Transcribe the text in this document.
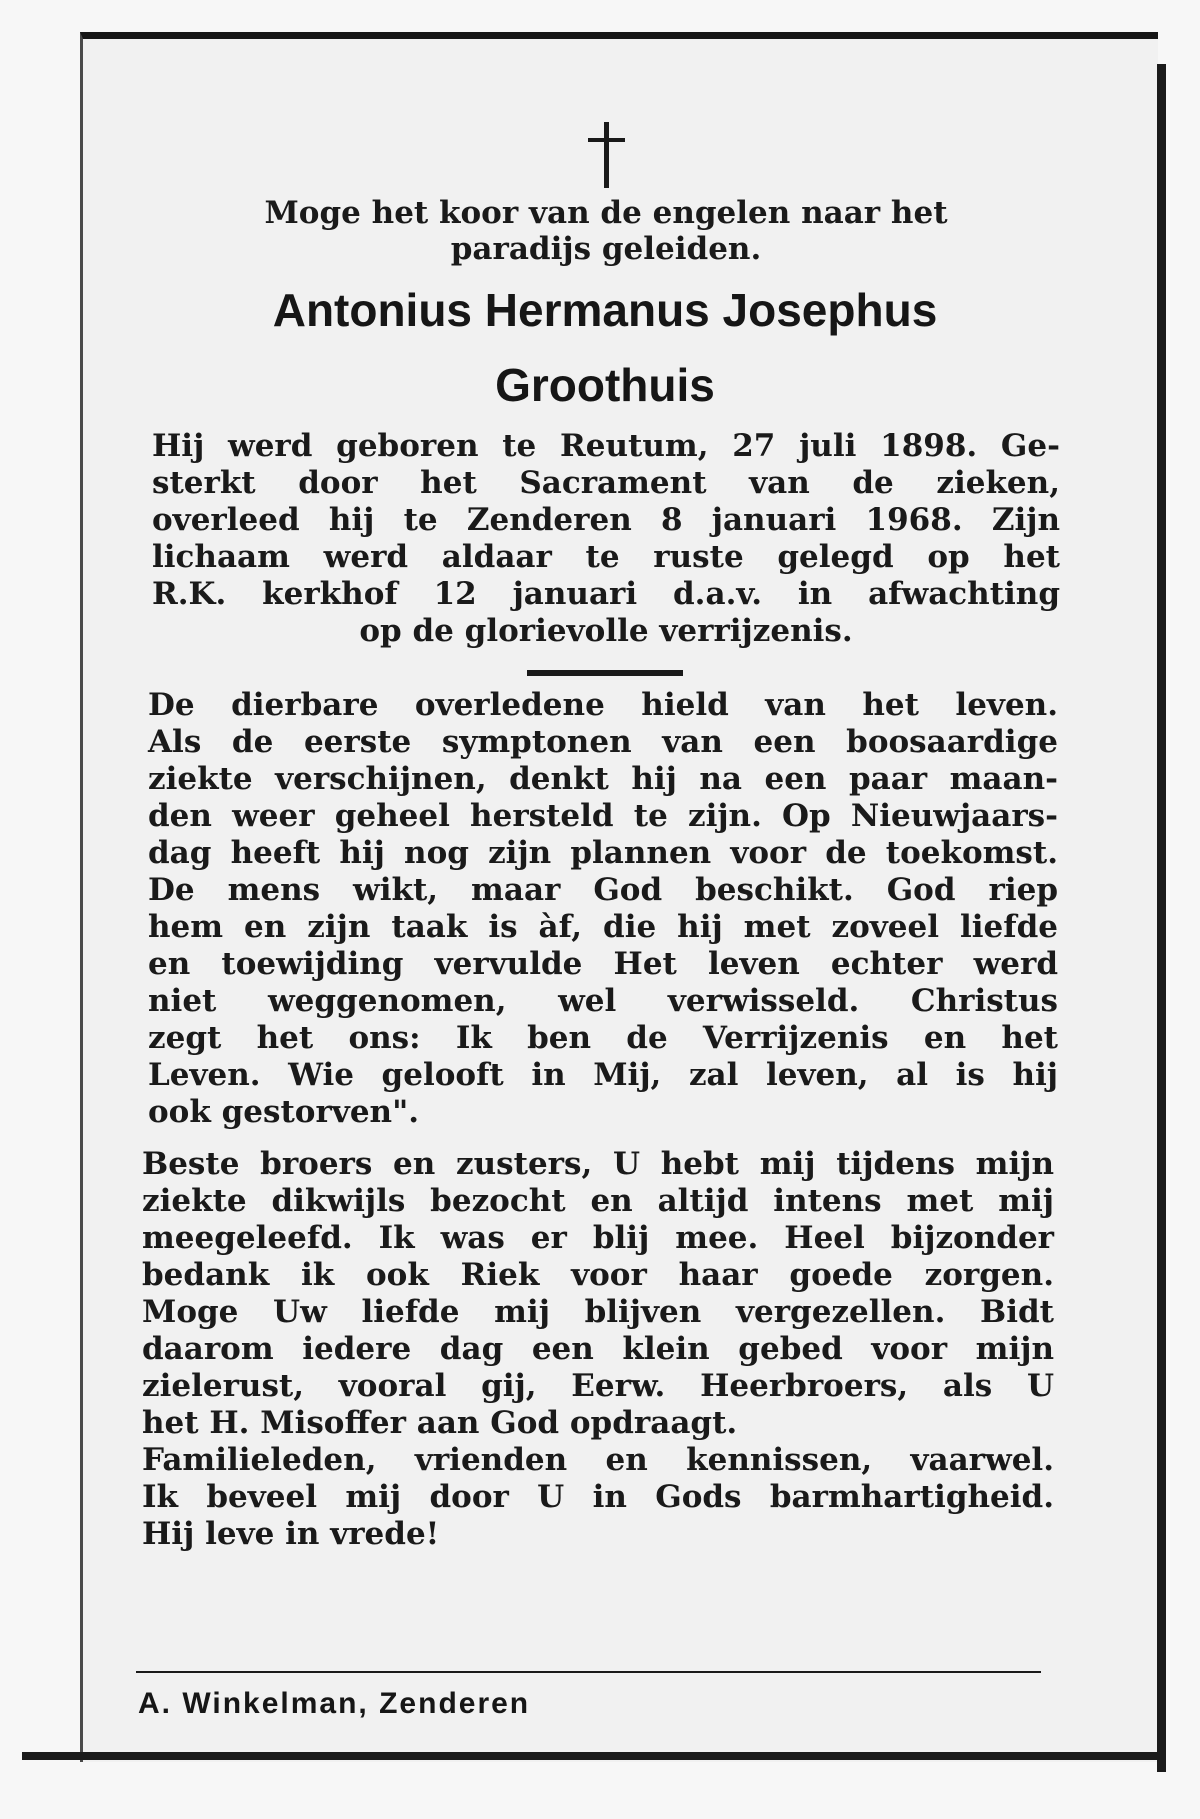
Moge het koor van de engelen naar het

paradijs geleiden.

Antonius Hermanus Josephus

Groothuis

Hij werd geboren te Reutum, 27 juli 1898. Ge-

sterkt door het Sacrament van de zieken,

overleed hij te Zenderen 8 januari 1968. Zijn

lichaam werd aldaar te ruste gelegd op het

R.K. kerkhof 12 januari d.a.v. in afwachting

op de glorievolle verrijzenis.

De dierbare overledene hield van het leven.

Als de eerste symptonen van een boosaardige

ziekte verschijnen, denkt hij na een paar maan-

den weer geheel hersteld te zijn. Op Nieuwjaars-

dag heeft hij nog zijn plannen voor de toekomst.

De mens wikt, maar God beschikt. God riep

hem en zijn taak is àf, die hij met zoveel liefde

en toewijding vervulde Het leven echter werd

niet weggenomen, wel verwisseld. Christus

zegt het ons: Ik ben de Verrijzenis en het

Leven. Wie gelooft in Mij, zal leven, al is hij

ook gestorven".

Beste broers en zusters, U hebt mij tijdens mijn

ziekte dikwijls bezocht en altijd intens met mij

meegeleefd. Ik was er blij mee. Heel bijzonder

bedank ik ook Riek voor haar goede zorgen.

Moge Uw liefde mij blijven vergezellen. Bidt

daarom iedere dag een klein gebed voor mijn

zielerust, vooral gij, Eerw. Heerbroers, als U

het H. Misoffer aan God opdraagt.

Familieleden, vrienden en kennissen, vaarwel.

Ik beveel mij door U in Gods barmhartigheid.

Hij leve in vrede!

A. Winkelman, Zenderen
